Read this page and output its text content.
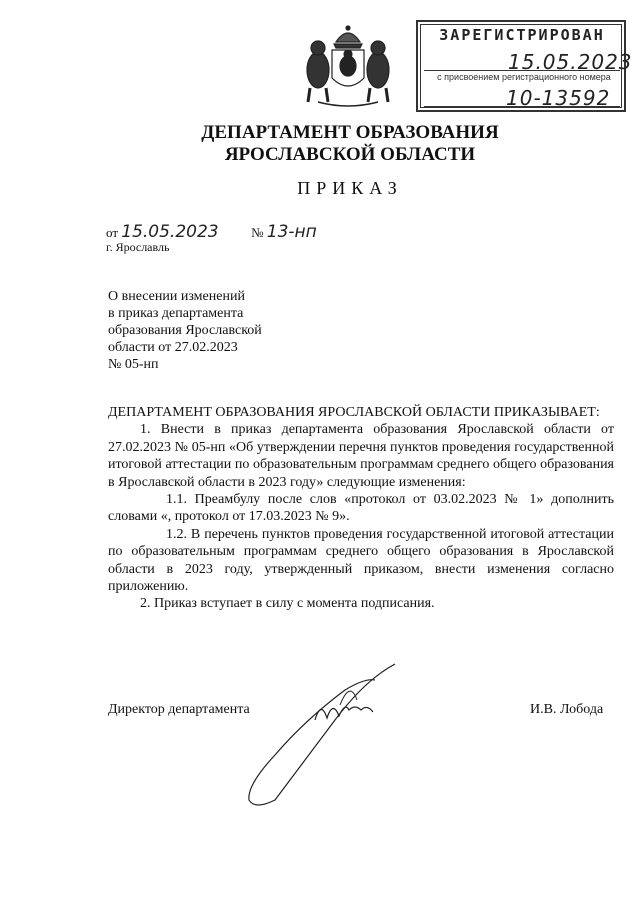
ЗАРЕГИСТРИРОВАН
15.05.2023
с присвоением регистрационного номера
10-13592
ДЕПАРТАМЕНТ ОБРАЗОВАНИЯ
ЯРОСЛАВСКОЙ ОБЛАСТИ
ПРИКАЗ
от 15.05.2023	№ 13-нп
г. Ярославль
О внесении изменений
в приказ департамента
образования Ярославской
области от 27.02.2023
№ 05-нп

ДЕПАРТАМЕНТ ОБРАЗОВАНИЯ ЯРОСЛАВСКОЙ ОБЛАСТИ ПРИКАЗЫВАЕТ:

1. Внести в приказ департамента образования Ярославской области от 27.02.2023 № 05-нп «Об утверждении перечня пунктов проведения государственной итоговой аттестации по образовательным программам среднего общего образования в Ярославской области в 2023 году» следующие изменения:

1.1. Преамбулу после слов «протокол от 03.02.2023 № 1» дополнить словами «, протокол от 17.03.2023 № 9».

1.2. В перечень пунктов проведения государственной итоговой аттестации по образовательным программам среднего общего образования в Ярославской области в 2023 году, утвержденный приказом, внести изменения согласно приложению.

2. Приказ вступает в силу с момента подписания.

Директор департамента	И.В. Лобода
